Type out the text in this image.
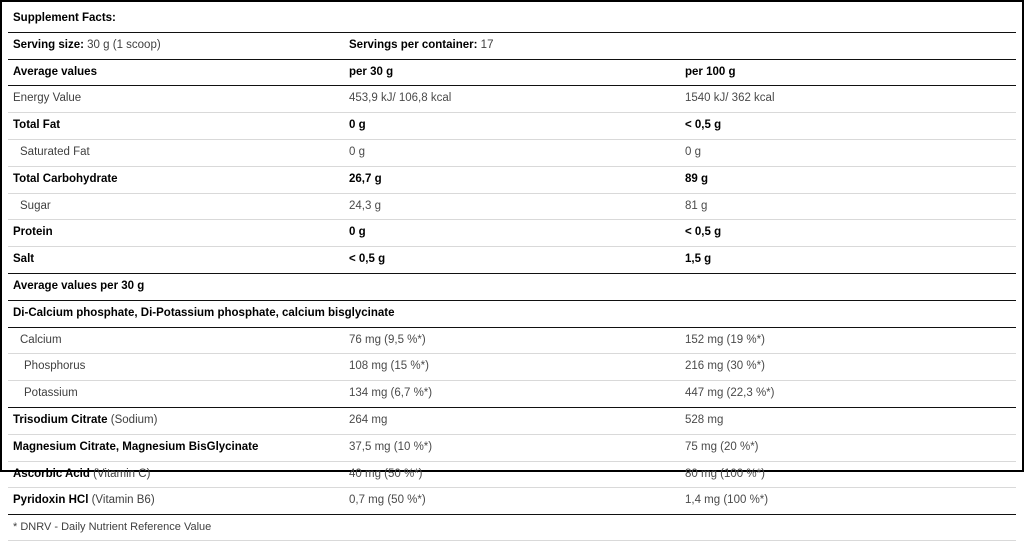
Supplement Facts:		
Serving size: 30 g (1 scoop)	Servings per container: 17	
Average values	per 30 g	per 100 g
Energy Value	453,9 kJ/ 106,8 kcal	1540 kJ/ 362 kcal
Total Fat	0 g	< 0,5 g
Saturated Fat	0 g	0 g
Total Carbohydrate	26,7 g	89 g
Sugar	24,3 g	81 g
Protein	0 g	< 0,5 g
Salt	< 0,5 g	1,5 g
Average values per 30 g		
Di-Calcium phosphate, Di-Potassium phosphate, calcium bisglycinate		
Calcium	76 mg (9,5 %*)	152 mg (19 %*)
Phosphorus	108 mg (15 %*)	216 mg (30 %*)
Potassium	134 mg (6,7 %*)	447 mg (22,3 %*)
Trisodium Citrate (Sodium)	264 mg	528 mg
Magnesium Citrate, Magnesium BisGlycinate	37,5 mg (10 %*)	75 mg (20 %*)
Ascorbic Acid (Vitamin C)	40 mg (50 %*)	80 mg (100 %*)
Pyridoxin HCl (Vitamin B6)	0,7 mg (50 %*)	1,4 mg (100 %*)
* DNRV - Daily Nutrient Reference Value		
